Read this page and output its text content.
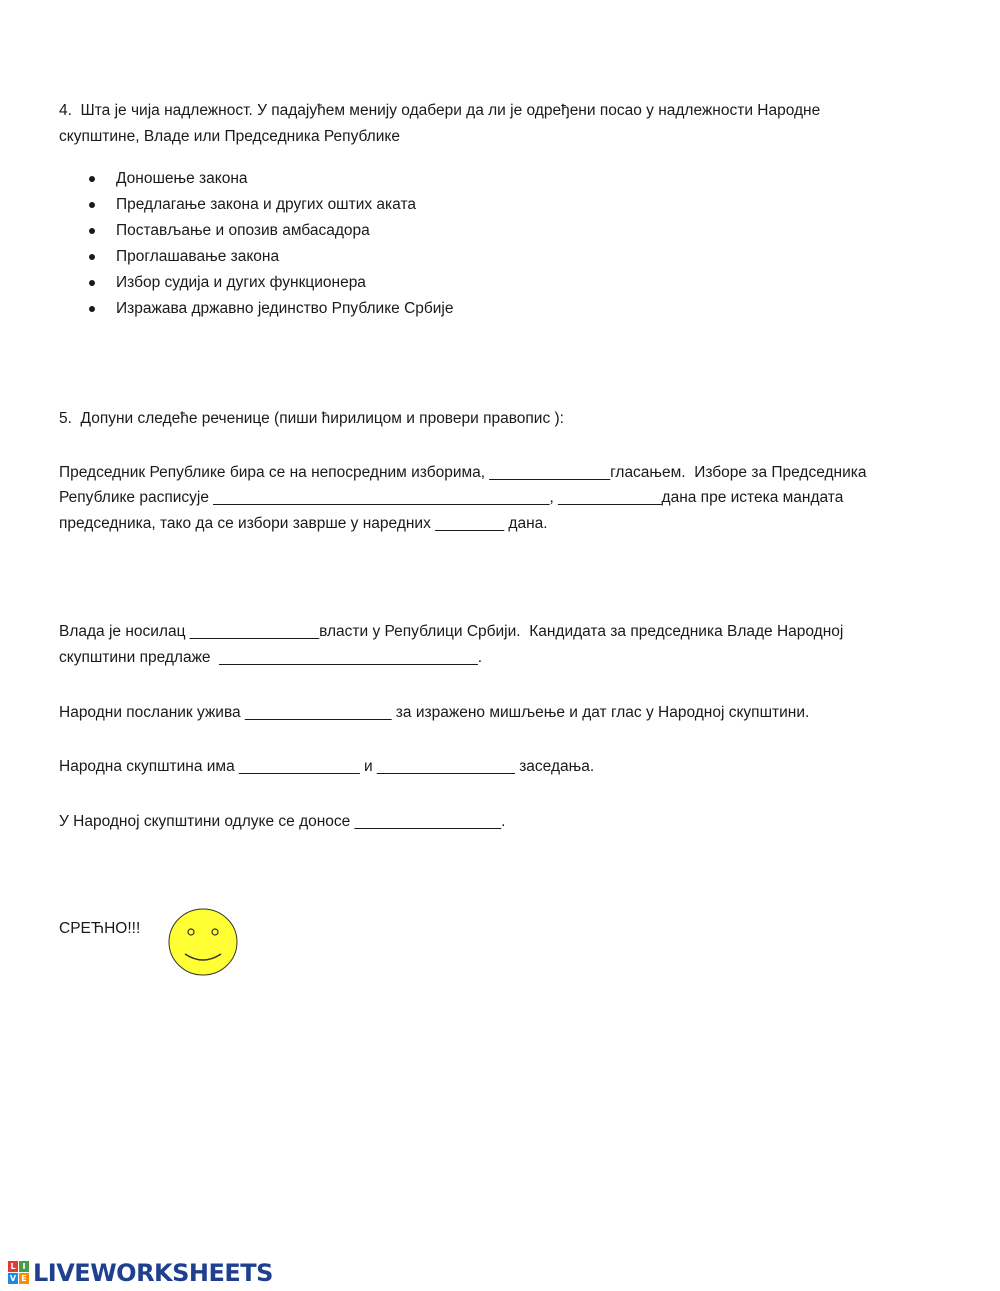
4.  Шта је чија надлежност. У падајућем менију одабери да ли је одређени посао у надлежности Народне
скупштине, Владе или Председника Републике
Доношење закона
Предлагање закона и других оштих аката
Постављање и опозив амбасадора
Проглашавање закона
Избор судија и дугих функционера
Изражава државно јединство Рпублике Србије
5.  Допуни следеће реченице (пиши ћирилицом и провери правопис ):
Председник Републике бира се на непосредним изборима, ______________гласањем.  Изборе за Председника
Републике расписује _______________________________________, ____________дана пре истека мандата
председника, тако да се избори заврше у наредних ________ дана.
Влада је носилац _______________власти у Републици Србији.  Кандидата за председника Владе Народној
скупштини предлаже  ______________________________.
Народни посланик ужива _________________ за изражено мишљење и дат глас у Народној скупштини.
Народна скупштина има ______________ и ________________ заседања.
У Народној скупштини одлуке се доносе _________________.
СРЕЋНО!!!
L I
V E LIVEWORKSHEETS
